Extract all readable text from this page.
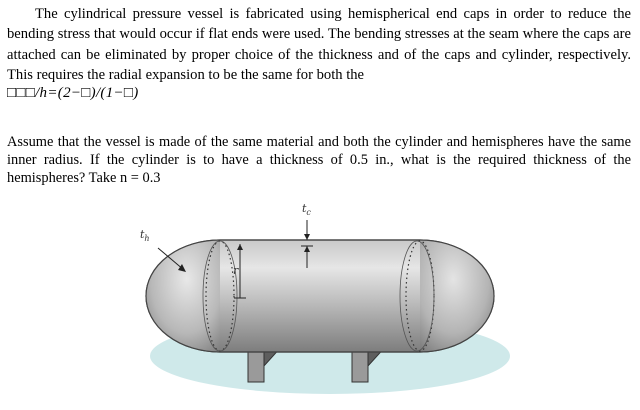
The cylindrical pressure vessel is fabricated using hemispherical end caps in order to reduce the bending stress that would occur if flat ends were used. The bending stresses at the seam where the caps are attached can be eliminated by proper choice of the thickness and of the caps and cylinder, respectively. This requires the radial expansion to be the same for both the

□□□/h=(2−□)/(1−□)

Assume that the vessel is made of the same material and both the cylinder and hemispheres have the same inner radius. If the cylinder is to have a thickness of 0.5 in., what is the required thickness of the hemispheres? Take n = 0.3

$t_c$
r
$t_h$
